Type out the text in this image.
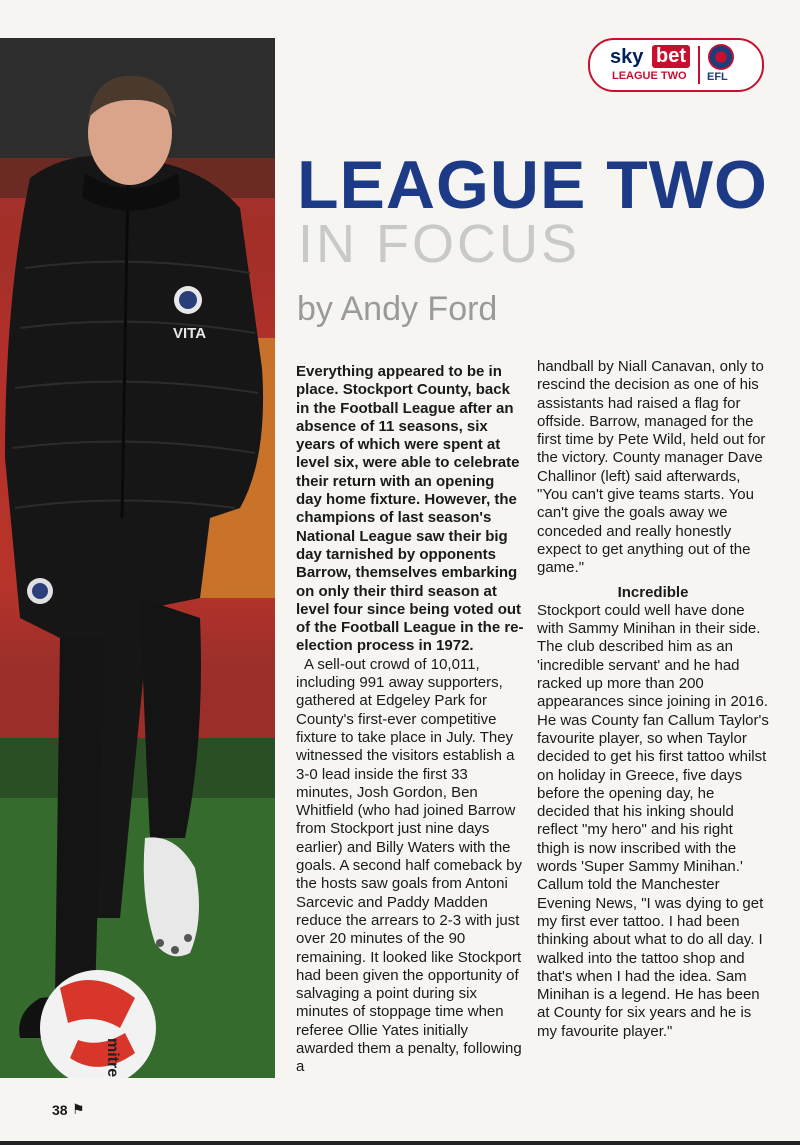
VITA
mitre
sky bet
LEAGUE TWO EFL
LEAGUE TWO
IN FOCUS
by Andy Ford

Everything appeared to be in place. Stockport County, back in the Football League after an absence of 11 seasons, six years of which were spent at level six, were able to celebrate their return with an opening day home fixture. However, the champions of last season's National League saw their big day tarnished by opponents Barrow, themselves embarking on only their third season at level four since being voted out of the Football League in the re-election process in 1972.

A sell-out crowd of 10,011, including 991 away supporters, gathered at Edgeley Park for County's first-ever competitive fixture to take place in July. They witnessed the visitors establish a 3-0 lead inside the first 33 minutes, Josh Gordon, Ben Whitfield (who had joined Barrow from Stockport just nine days earlier) and Billy Waters with the goals. A second half comeback by the hosts saw goals from Antoni Sarcevic and Paddy Madden reduce the arrears to 2-3 with just over 20 minutes of the 90 remaining. It looked like Stockport had been given the opportunity of salvaging a point during six minutes of stoppage time when referee Ollie Yates initially awarded them a penalty, following a

handball by Niall Canavan, only to rescind the decision as one of his assistants had raised a flag for offside. Barrow, managed for the first time by Pete Wild, held out for the victory. County manager Dave Challinor (left) said afterwards, "You can't give teams starts. You can't give the goals away we conceded and really honestly expect to get anything out of the game."

Incredible

Stockport could well have done with Sammy Minihan in their side. The club described him as an 'incredible servant' and he had racked up more than 200 appearances since joining in 2016. He was County fan Callum Taylor's favourite player, so when Taylor decided to get his first tattoo whilst on holiday in Greece, five days before the opening day, he decided that his inking should reflect "my hero" and his right thigh is now inscribed with the words 'Super Sammy Minihan.' Callum told the Manchester Evening News, "I was dying to get my first ever tattoo. I had been thinking about what to do all day. I walked into the tattoo shop and that's when I had the idea. Sam Minihan is a legend. He has been at County for six years and he is my favourite player."

38 ⚑
